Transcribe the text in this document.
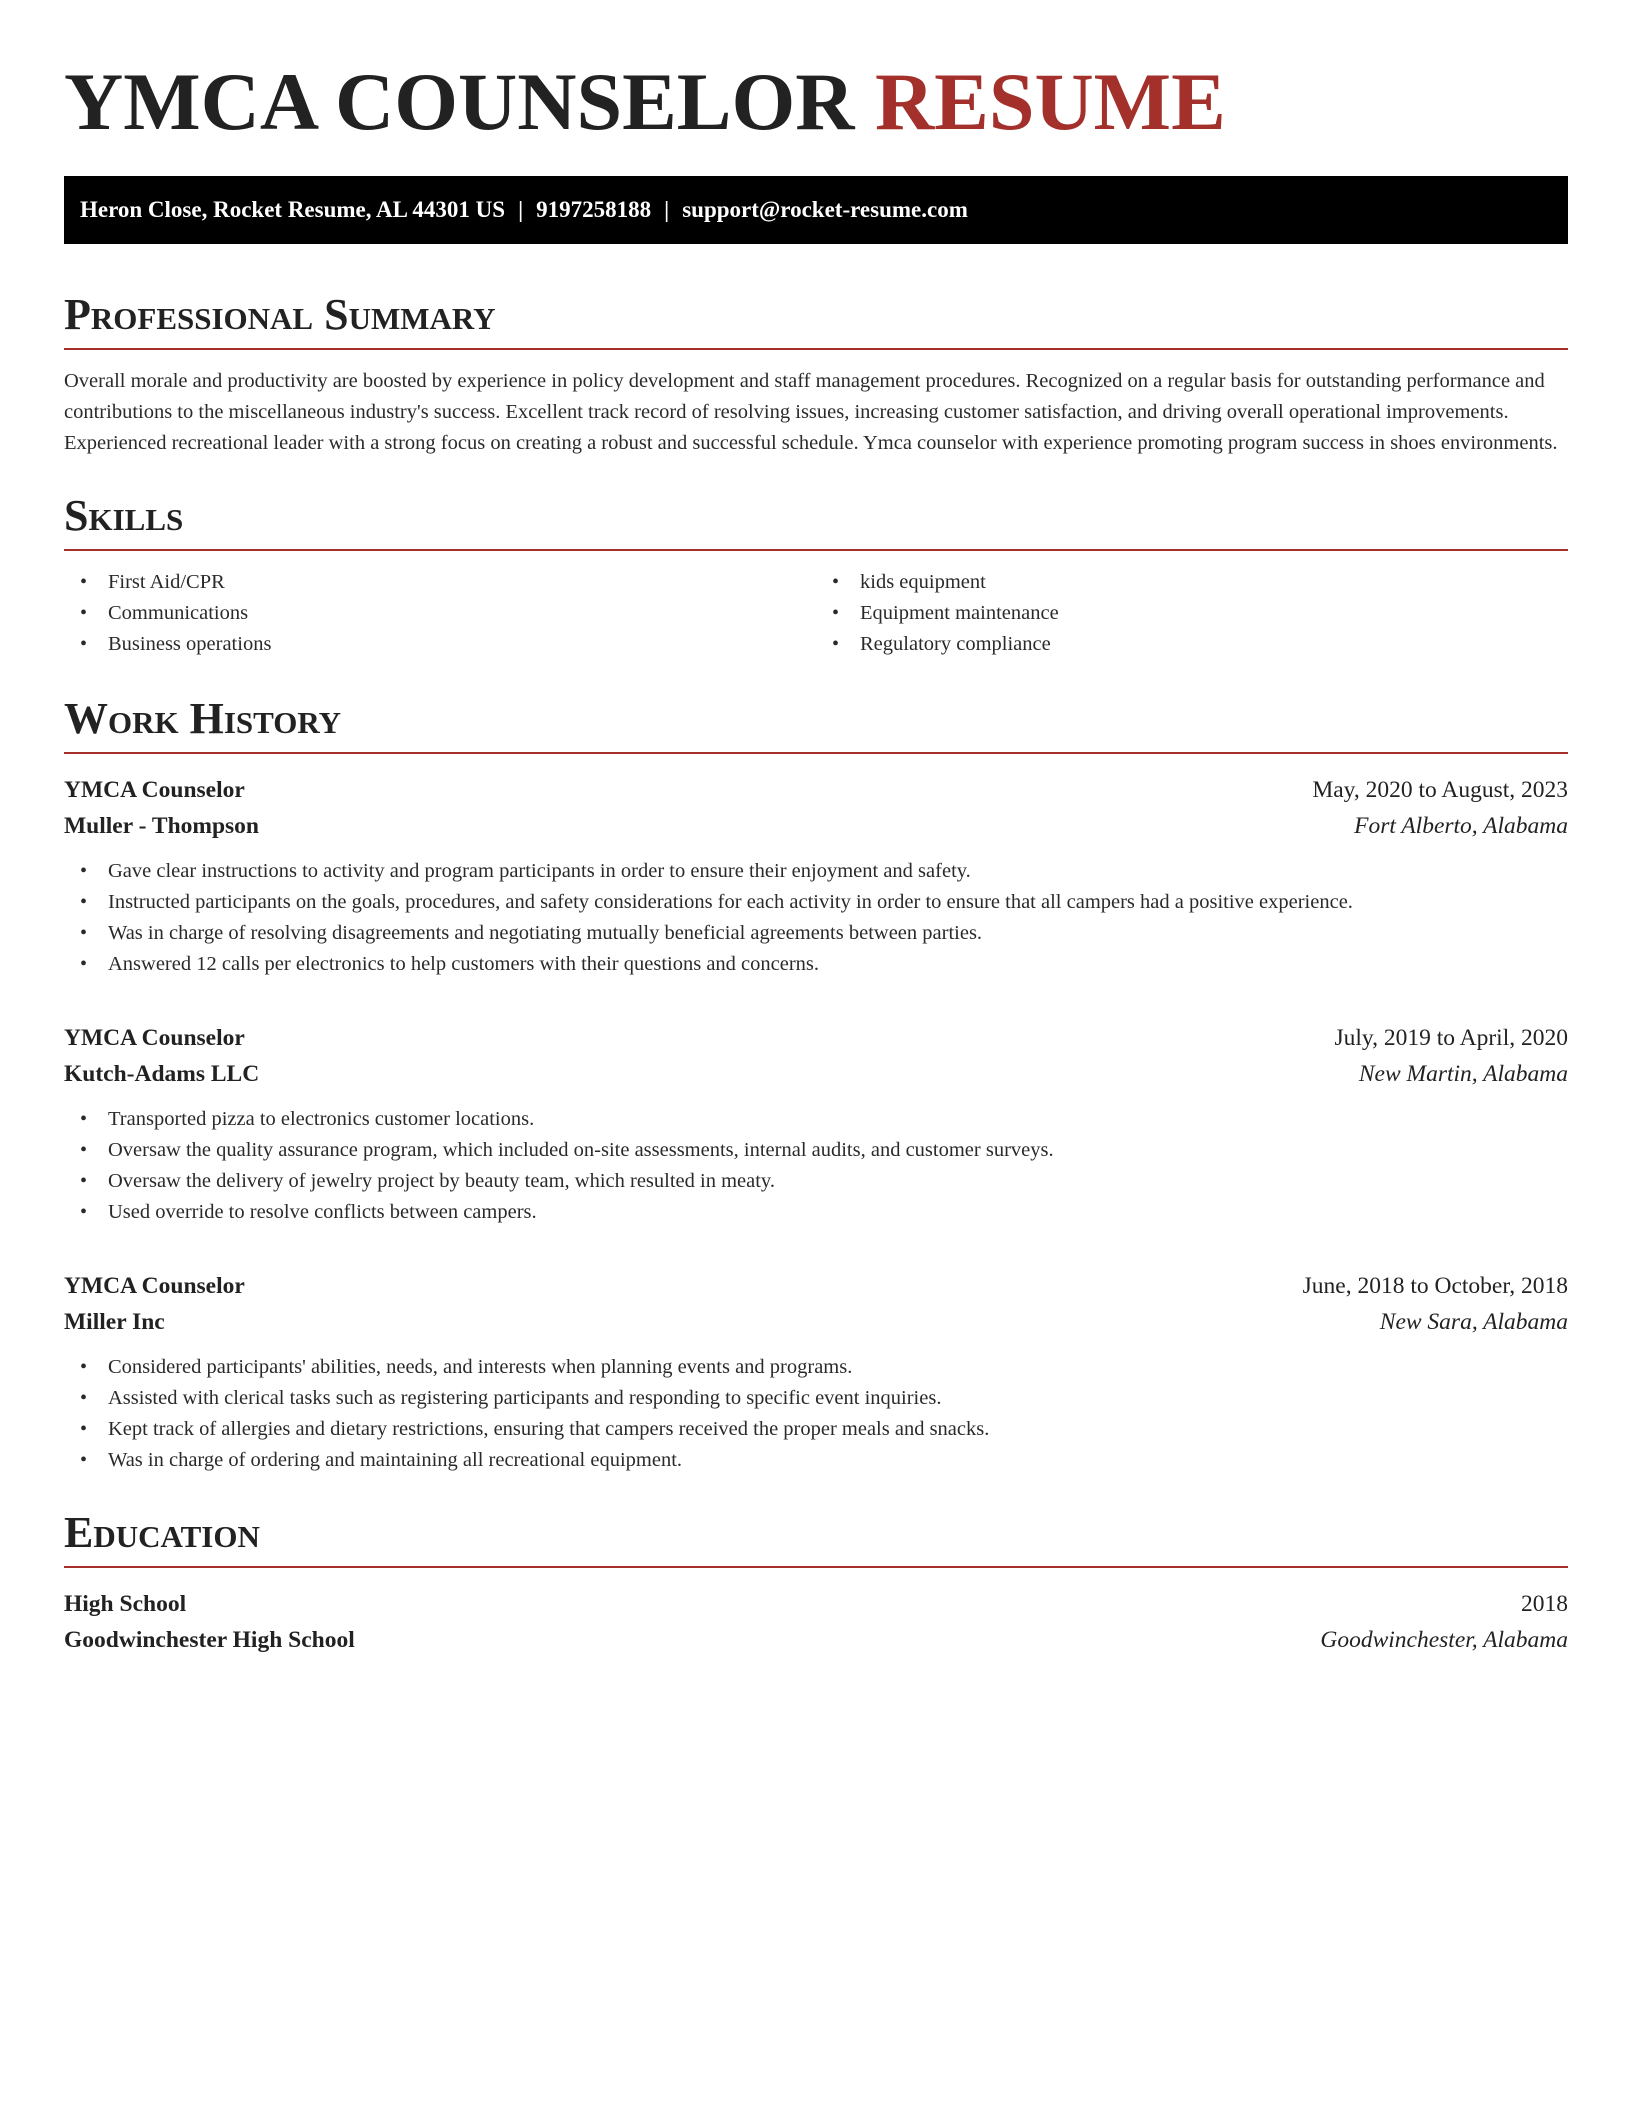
YMCA COUNSELOR RESUME
Heron Close, Rocket Resume, AL 44301 US | 9197258188 | support@rocket-resume.com
Professional Summary

Overall morale and productivity are boosted by experience in policy development and staff management procedures. Recognized on a regular basis for outstanding performance and contributions to the miscellaneous industry's success. Excellent track record of resolving issues, increasing customer satisfaction, and driving overall operational improvements. Experienced recreational leader with a strong focus on creating a robust and successful schedule. Ymca counselor with experience promoting program success in shoes environments.

Skills
• First Aid/CPR
• Communications
• Business operations
• kids equipment
• Equipment maintenance
• Regulatory compliance
Work History
YMCA Counselor	May, 2020 to August, 2023
Muller - Thompson	Fort Alberto, Alabama
• Gave clear instructions to activity and program participants in order to ensure their enjoyment and safety.
• Instructed participants on the goals, procedures, and safety considerations for each activity in order to ensure that all campers had a positive experience.
• Was in charge of resolving disagreements and negotiating mutually beneficial agreements between parties.
• Answered 12 calls per electronics to help customers with their questions and concerns.
YMCA Counselor	July, 2019 to April, 2020
Kutch-Adams LLC	New Martin, Alabama
• Transported pizza to electronics customer locations.
• Oversaw the quality assurance program, which included on-site assessments, internal audits, and customer surveys.
• Oversaw the delivery of jewelry project by beauty team, which resulted in meaty.
• Used override to resolve conflicts between campers.
YMCA Counselor	June, 2018 to October, 2018
Miller Inc	New Sara, Alabama
• Considered participants' abilities, needs, and interests when planning events and programs.
• Assisted with clerical tasks such as registering participants and responding to specific event inquiries.
• Kept track of allergies and dietary restrictions, ensuring that campers received the proper meals and snacks.
• Was in charge of ordering and maintaining all recreational equipment.
Education
High School	2018
Goodwinchester High School	Goodwinchester, Alabama
